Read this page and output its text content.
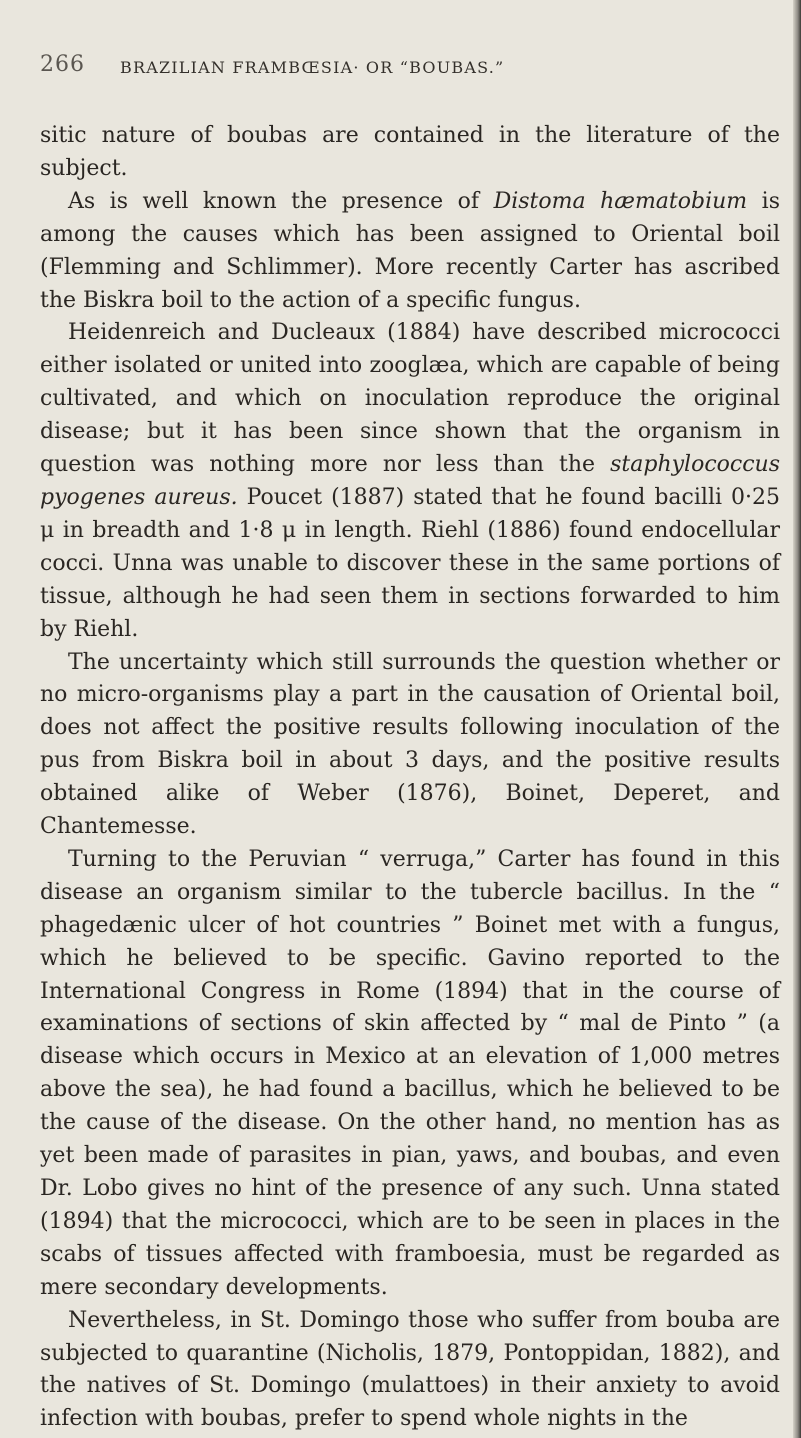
266 BRAZILIAN FRAMBŒSIA· OR “BOUBAS.”

sitic nature of boubas are contained in the literature of the subject.

As is well known the presence of Distoma hæmatobium is among the causes which has been assigned to Oriental boil (Flemming and Schlimmer). More recently Carter has ascribed the Biskra boil to the action of a specific fungus.

Heidenreich and Ducleaux (1884) have described micrococci either isolated or united into zooglæa, which are capable of being cultivated, and which on inoculation reproduce the original disease; but it has been since shown that the organism in question was nothing more nor less than the staphylococcus pyogenes aureus. Poucet (1887) stated that he found bacilli 0·25 μ in breadth and 1·8 μ in length. Riehl (1886) found endocellular cocci. Unna was unable to discover these in the same portions of tissue, although he had seen them in sections forwarded to him by Riehl.

The uncertainty which still surrounds the question whether or no micro-organisms play a part in the causation of Oriental boil, does not affect the positive results following inoculation of the pus from Biskra boil in about 3 days, and the positive results obtained alike of Weber (1876), Boinet, Deperet, and Chantemesse.

Turning to the Peruvian “ verruga,” Carter has found in this disease an organism similar to the tubercle bacillus. In the “ phagedænic ulcer of hot countries ” Boinet met with a fungus, which he believed to be specific. Gavino reported to the International Congress in Rome (1894) that in the course of examinations of sections of skin affected by “ mal de Pinto ” (a disease which occurs in Mexico at an elevation of 1,000 metres above the sea), he had found a bacillus, which he believed to be the cause of the disease. On the other hand, no mention has as yet been made of parasites in pian, yaws, and boubas, and even Dr. Lobo gives no hint of the presence of any such. Unna stated (1894) that the micrococci, which are to be seen in places in the scabs of tissues affected with framboesia, must be regarded as mere secondary developments.

Nevertheless, in St. Domingo those who suffer from bouba are subjected to quarantine (Nicholis, 1879, Pontoppidan, 1882), and the natives of St. Domingo (mulattoes) in their anxiety to avoid infection with boubas, prefer to spend whole nights in the
